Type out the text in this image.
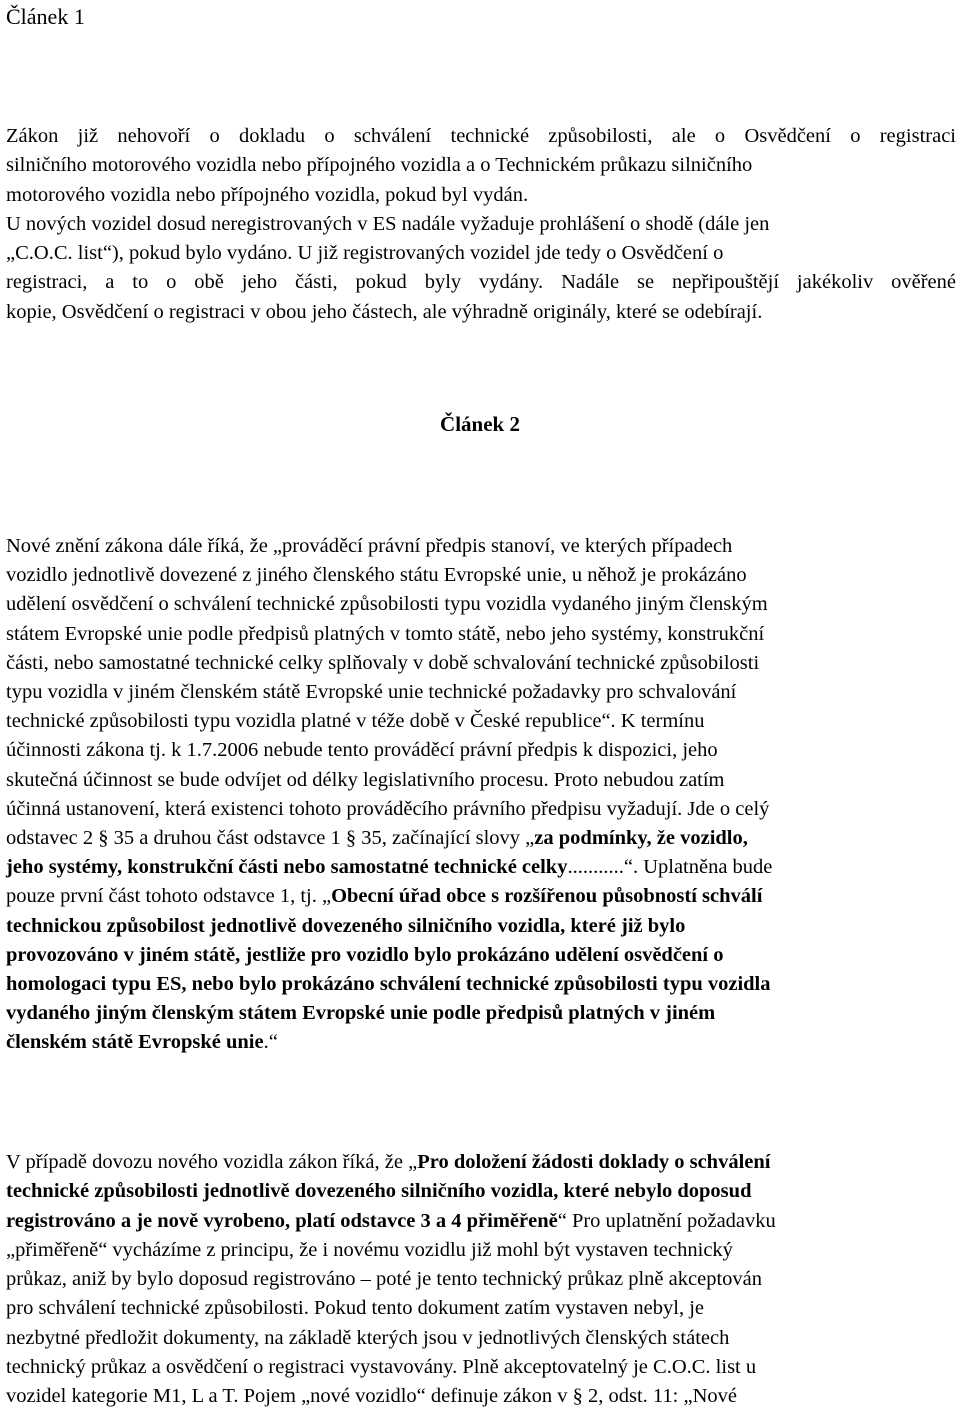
Článek 1
Zákon již nehovoří o dokladu o schválení technické způsobilosti, ale o Osvědčení o registraci
silničního motorového vozidla nebo přípojného vozidla a o Technickém průkazu silničního
motorového vozidla nebo přípojného vozidla, pokud byl vydán.
U nových vozidel dosud neregistrovaných v ES nadále vyžaduje prohlášení o shodě (dále jen
„C.O.C. list“), pokud bylo vydáno. U již registrovaných vozidel jde tedy o Osvědčení o
registraci, a to o obě jeho části, pokud byly vydány. Nadále se nepřipouštějí jakékoliv ověřené
kopie, Osvědčení o registraci v obou jeho částech, ale výhradně originály, které se odebírají.
Článek 2
Nové znění zákona dále říká, že „prováděcí právní předpis stanoví, ve kterých případech
vozidlo jednotlivě dovezené z jiného členského státu Evropské unie, u něhož je prokázáno
udělení osvědčení o schválení technické způsobilosti typu vozidla vydaného jiným členským
státem Evropské unie podle předpisů platných v tomto státě, nebo jeho systémy, konstrukční
části, nebo samostatné technické celky splňovaly v době schvalování technické způsobilosti
typu vozidla v jiném členském státě Evropské unie technické požadavky pro schvalování
technické způsobilosti typu vozidla platné v téže době v České republice“. K termínu
účinnosti zákona tj. k 1.7.2006 nebude tento prováděcí právní předpis k dispozici, jeho
skutečná účinnost se bude odvíjet od délky legislativního procesu. Proto nebudou zatím
účinná ustanovení, která existenci tohoto prováděcího právního předpisu vyžadují. Jde o celý
odstavec 2 § 35 a druhou část odstavce 1 § 35, začínající slovy „za podmínky, že vozidlo,
jeho systémy, konstrukční části nebo samostatné technické celky...........“. Uplatněna bude
pouze první část tohoto odstavce 1, tj. „Obecní úřad obce s rozšířenou působností schválí
technickou způsobilost jednotlivě dovezeného silničního vozidla, které již bylo
provozováno v jiném státě, jestliže pro vozidlo bylo prokázáno udělení osvědčení o
homologaci typu ES, nebo bylo prokázáno schválení technické způsobilosti typu vozidla
vydaného jiným členským státem Evropské unie podle předpisů platných v jiném
členském státě Evropské unie.“
V případě dovozu nového vozidla zákon říká, že „Pro doložení žádosti doklady o schválení
technické způsobilosti jednotlivě dovezeného silničního vozidla, které nebylo doposud
registrováno a je nově vyrobeno, platí odstavce 3 a 4 přiměřeně“ Pro uplatnění požadavku
„přiměřeně“ vycházíme z principu, že i novému vozidlu již mohl být vystaven technický
průkaz, aniž by bylo doposud registrováno – poté je tento technický průkaz plně akceptován
pro schválení technické způsobilosti. Pokud tento dokument zatím vystaven nebyl, je
nezbytné předložit dokumenty, na základě kterých jsou v jednotlivých členských státech
technický průkaz a osvědčení o registraci vystavovány. Plně akceptovatelný je C.O.C. list u
vozidel kategorie M1, L a T. Pojem „nové vozidlo“ definuje zákon v § 2, odst. 11: „Nové
